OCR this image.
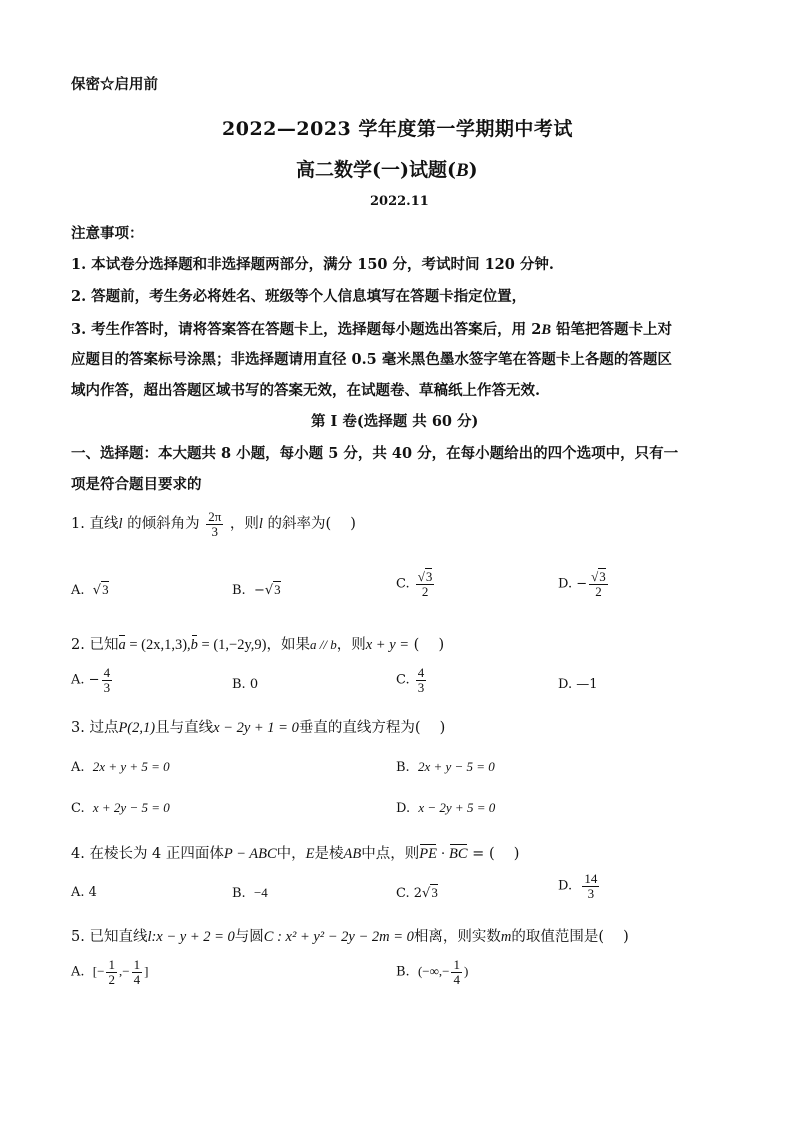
保密☆启用前
2022—2023 学年度第一学期期中考试
高二数学(一)试题(B)
2022.11
注意事项：
1. 本试卷分选择题和非选择题两部分，满分 150 分，考试时间 120 分钟.
2. 答题前，考生务必将姓名、班级等个人信息填写在答题卡指定位置，
3. 考生作答时，请将答案答在答题卡上，选择题每小题选出答案后，用 2B 铅笔把答题卡上对
应题目的答案标号涂黑；非选择题请用直径 0.5 毫米黑色墨水签字笔在答题卡上各题的答题区
域内作答，超出答题区域书写的答案无效，在试题卷、草稿纸上作答无效.
第 I 卷(选择题 共 60 分)
一、选择题：本大题共 8 小题，每小题 5 分，共 40 分，在每小题给出的四个选项中，只有一
项是符合题目要求的
1. 直线l 的倾斜角为 $\frac{2\pi}{3}$ ，则l 的斜率为(　 )
A.  √3	B. −√3	C. $\frac{√3}{2}$	D. − $\frac{√3}{2}$
2. 已知a = (2x,1,3),b = (1,−2y,9)，如果a // b，则x + y = (　 )
A. − $\frac{4}{3}$	B. 0	C. $\frac{4}{3}$	D. —1
3. 过点P(2,1)且与直线x − 2y + 1 = 0垂直的直线方程为(　 )
A. 2x + y + 5 = 0	B. 2x + y − 5 = 0
C. x + 2y − 5 = 0	D. x − 2y + 5 = 0
4. 在棱长为 4 正四面体P − ABC中，E是棱AB中点，则PE · BC = (　 )
A. 4	B. −4	C. 2√3	D. $\frac{14}{3}$
5. 已知直线l:x − y + 2 = 0与圆C : x² + y² − 2y − 2m = 0相离，则实数m的取值范围是(　 )
A. [− $\frac{1}{2}$ ,− $\frac{1}{4}$ ]	B. (−∞,− $\frac{1}{4}$ )
